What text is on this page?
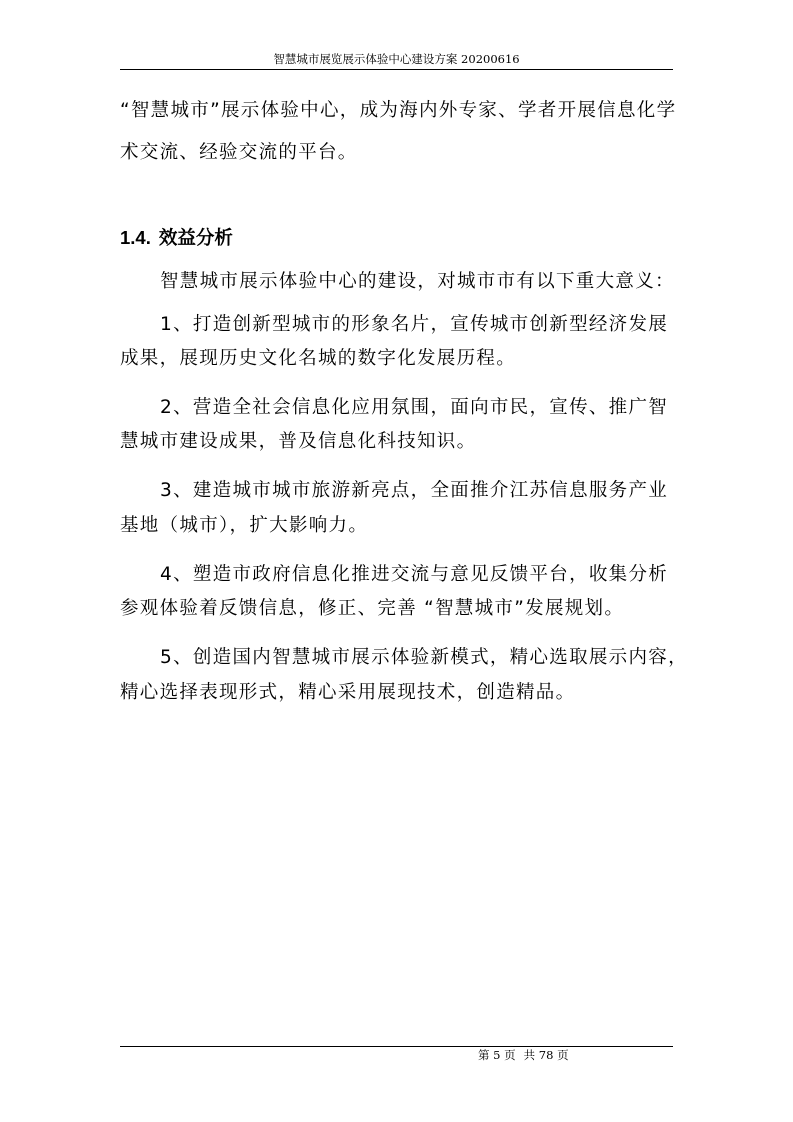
智慧城市展览展示体验中心建设方案 20200616
“智慧城市”展示体验中心，成为海内外专家、学者开展信息化学
术交流、经验交流的平台。
1.4. 效益分析
智慧城市展示体验中心的建设，对城市市有以下重大意义：
1、打造创新型城市的形象名片，宣传城市创新型经济发展
成果，展现历史文化名城的数字化发展历程。
2、营造全社会信息化应用氛围，面向市民，宣传、推广智
慧城市建设成果，普及信息化科技知识。
3、建造城市城市旅游新亮点，全面推介江苏信息服务产业
基地（城市），扩大影响力。
4、塑造市政府信息化推进交流与意见反馈平台，收集分析
参观体验着反馈信息，修正、完善 “智慧城市”发展规划。
5、创造国内智慧城市展示体验新模式，精心选取展示内容，
精心选择表现形式，精心采用展现技术，创造精品。
第 5 页 共 78 页
